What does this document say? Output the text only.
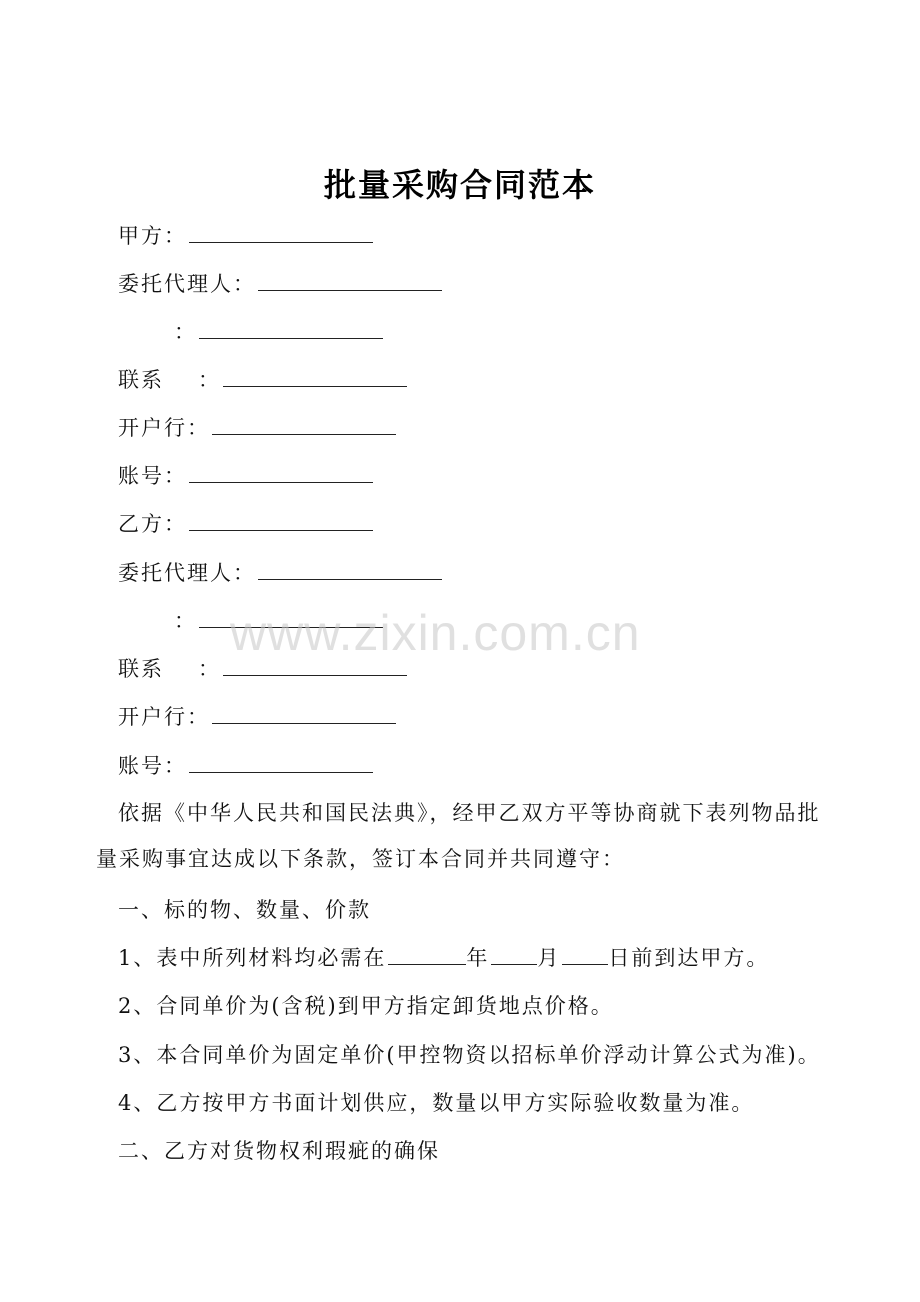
批量采购合同范本
甲方：
委托代理人：
：
联系 ：
开户行：
账号：
乙方：
委托代理人：
：
联系 ：
开户行：
账号：
依据《中华人民共和国民法典》，经甲乙双方平等协商就下表列物品批量采购事宜达成以下条款，签订本合同并共同遵守：
一、标的物、数量、价款
1、表中所列材料均必需在	年 月 日前到达甲方。
2、合同单价为(含税)到甲方指定卸货地点价格。
3、本合同单价为固定单价(甲控物资以招标单价浮动计算公式为准)。
4、乙方按甲方书面计划供应，数量以甲方实际验收数量为准。
二、乙方对货物权利瑕疵的确保
www.zixin.com.cn
